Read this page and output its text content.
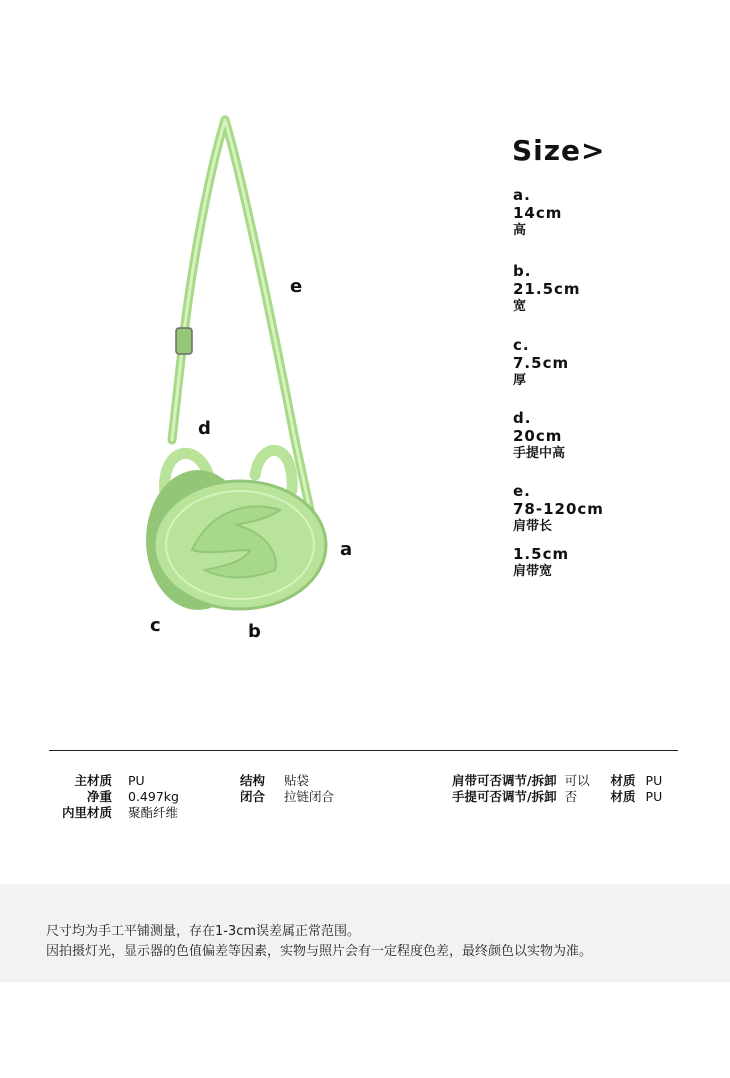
e
d
a
c	b
Size>
a.
14cm
高
b.
21.5cm
宽
c.
7.5cm
厚
d.
20cm
手提中高
e.
78-120cm
肩带长
1.5cm
肩带宽
主材质 PU
净重 0.497kg
内里材质 聚酯纤维
结构 贴袋
闭合 拉链闭合
肩带可否调节/拆卸 可以 材质 PU
手提可否调节/拆卸 否	材质 PU

尺寸均为手工平铺测量，存在1-3cm误差属正常范围。

因拍摄灯光，显示器的色值偏差等因素，实物与照片会有一定程度色差，最终颜色以实物为准。
